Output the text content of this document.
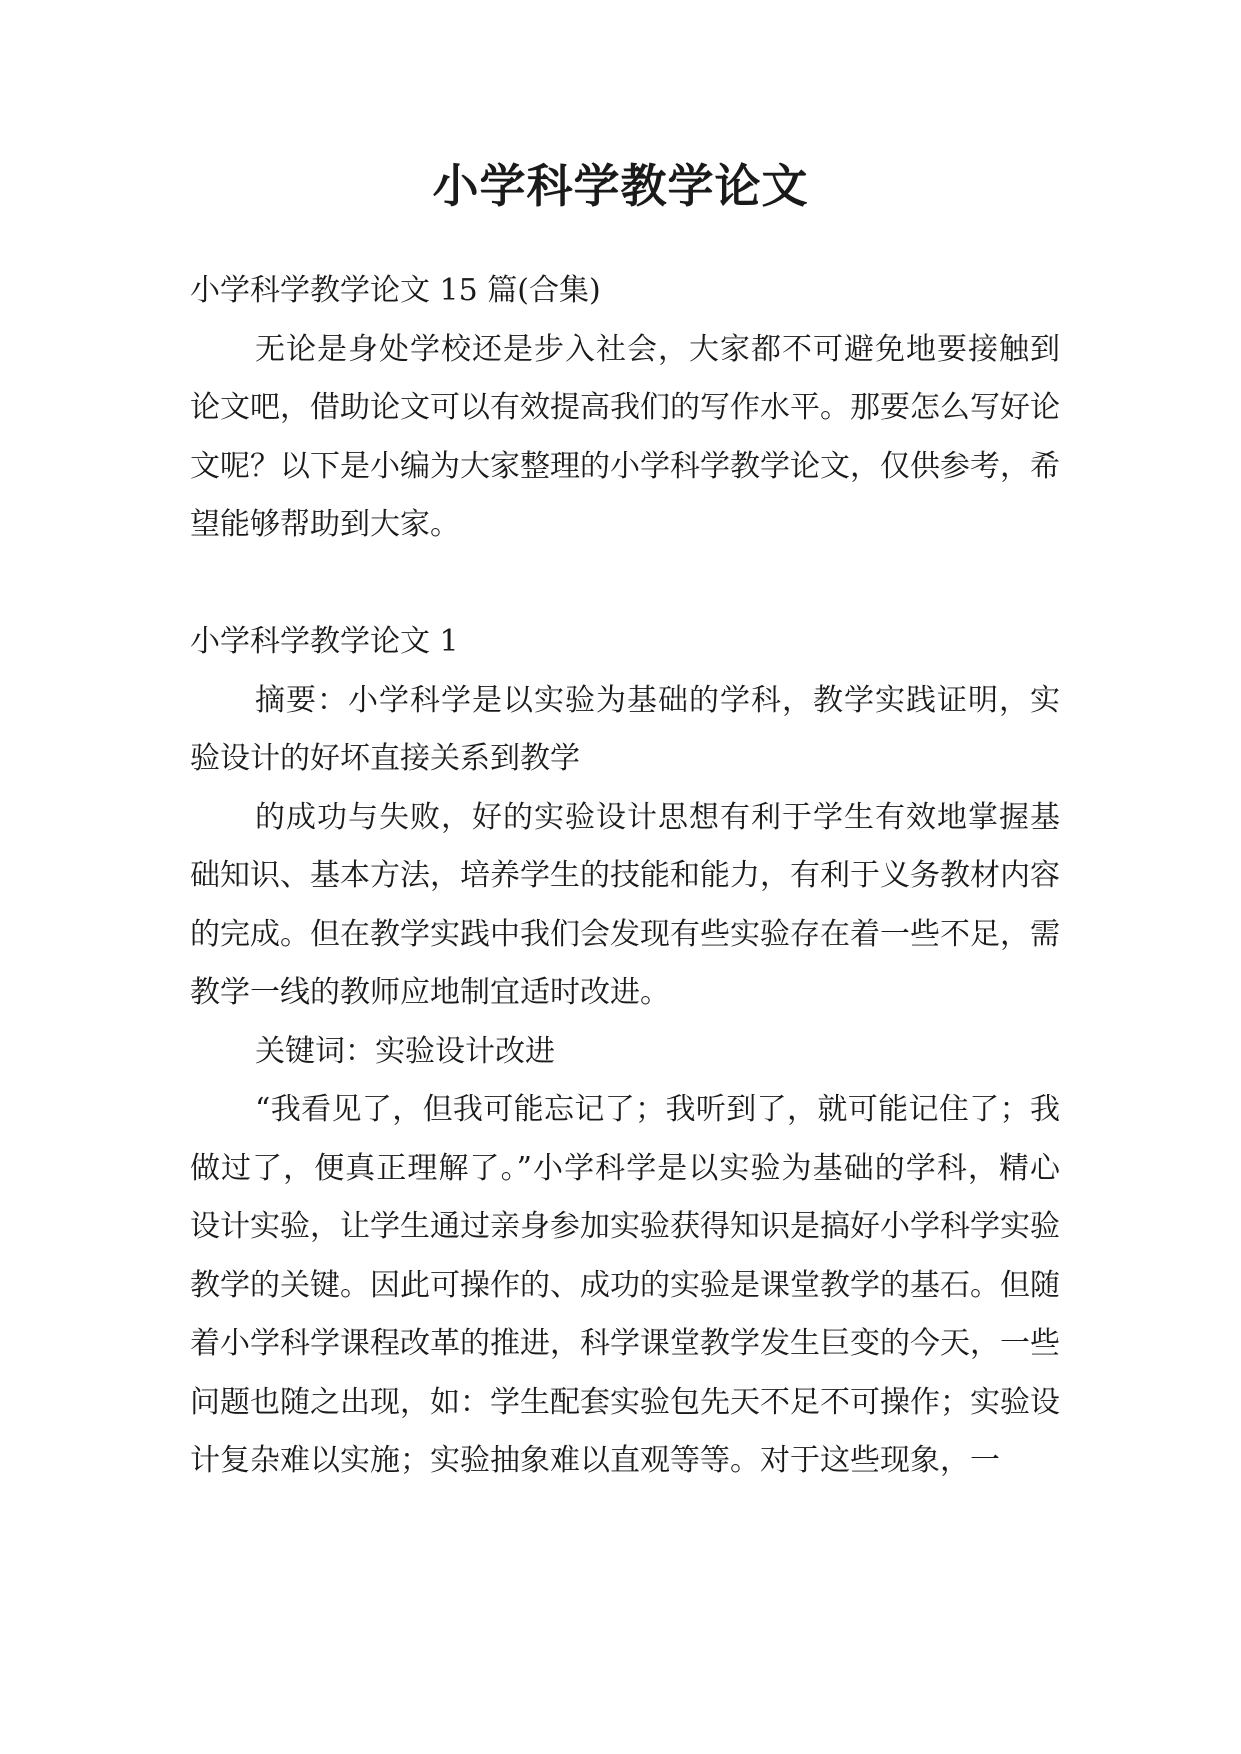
小学科学教学论文

小学科学教学论文 15 篇(合集)

无论是身处学校还是步入社会，大家都不可避免地要接触到论文吧，借助论文可以有效提高我们的写作水平。那要怎么写好论文呢？以下是小编为大家整理的小学科学教学论文，仅供参考，希望能够帮助到大家。

小学科学教学论文 1

摘要：小学科学是以实验为基础的学科，教学实践证明，实验设计的好坏直接关系到教学

的成功与失败，好的实验设计思想有利于学生有效地掌握基础知识、基本方法，培养学生的技能和能力，有利于义务教材内容的完成。但在教学实践中我们会发现有些实验存在着一些不足，需教学一线的教师应地制宜适时改进。

关键词：实验设计改进

“我看见了，但我可能忘记了；我听到了，就可能记住了；我做过了，便真正理解了。”小学科学是以实验为基础的学科，精心设计实验，让学生通过亲身参加实验获得知识是搞好小学科学实验教学的关键。因此可操作的、成功的实验是课堂教学的基石。但随着小学科学课程改革的推进，科学课堂教学发生巨变的今天，一些问题也随之出现，如：学生配套实验包先天不足不可操作；实验设计复杂难以实施；实验抽象难以直观等等。对于这些现象，一
